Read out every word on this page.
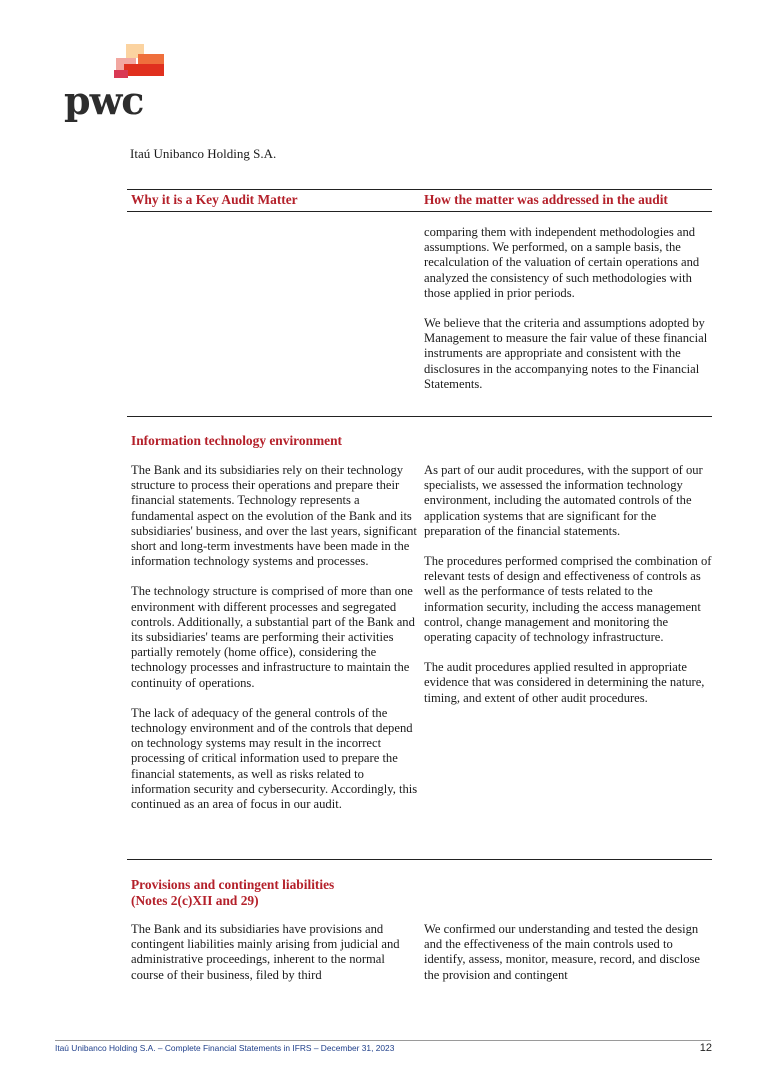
pwc
Itaú Unibanco Holding S.A.
Why it is a Key Audit Matter	How the matter was addressed in the audit

comparing them with independent methodologies and assumptions. We performed, on a sample basis, the recalculation of the valuation of certain operations and analyzed the consistency of such methodologies with those applied in prior periods.

We believe that the criteria and assumptions adopted by Management to measure the fair value of these financial instruments are appropriate and consistent with the disclosures in the accompanying notes to the Financial Statements.

Information technology environment

The Bank and its subsidiaries rely on their technology structure to process their operations and prepare their financial statements. Technology represents a fundamental aspect on the evolution of the Bank and its subsidiaries' business, and over the last years, significant short and long-term investments have been made in the information technology systems and processes.

The technology structure is comprised of more than one environment with different processes and segregated controls. Additionally, a substantial part of the Bank and its subsidiaries' teams are performing their activities partially remotely (home office), considering the technology processes and infrastructure to maintain the continuity of operations.

The lack of adequacy of the general controls of the technology environment and of the controls that depend on technology systems may result in the incorrect processing of critical information used to prepare the financial statements, as well as risks related to information security and cybersecurity. Accordingly, this continued as an area of focus in our audit.

As part of our audit procedures, with the support of our specialists, we assessed the information technology environment, including the automated controls of the application systems that are significant for the preparation of the financial statements.

The procedures performed comprised the combination of relevant tests of design and effectiveness of controls as well as the performance of tests related to the information security, including the access management control, change management and monitoring the operating capacity of technology infrastructure.

The audit procedures applied resulted in appropriate evidence that was considered in determining the nature, timing, and extent of other audit procedures.

Provisions and contingent liabilities
(Notes 2(c)XII and 29)

The Bank and its subsidiaries have provisions and contingent liabilities mainly arising from judicial and administrative proceedings, inherent to the normal course of their business, filed by third

We confirmed our understanding and tested the design and the effectiveness of the main controls used to identify, assess, monitor, measure, record, and disclose the provision and contingent

Itaú Unibanco Holding S.A. – Complete Financial Statements in IFRS – December 31, 2023	12
